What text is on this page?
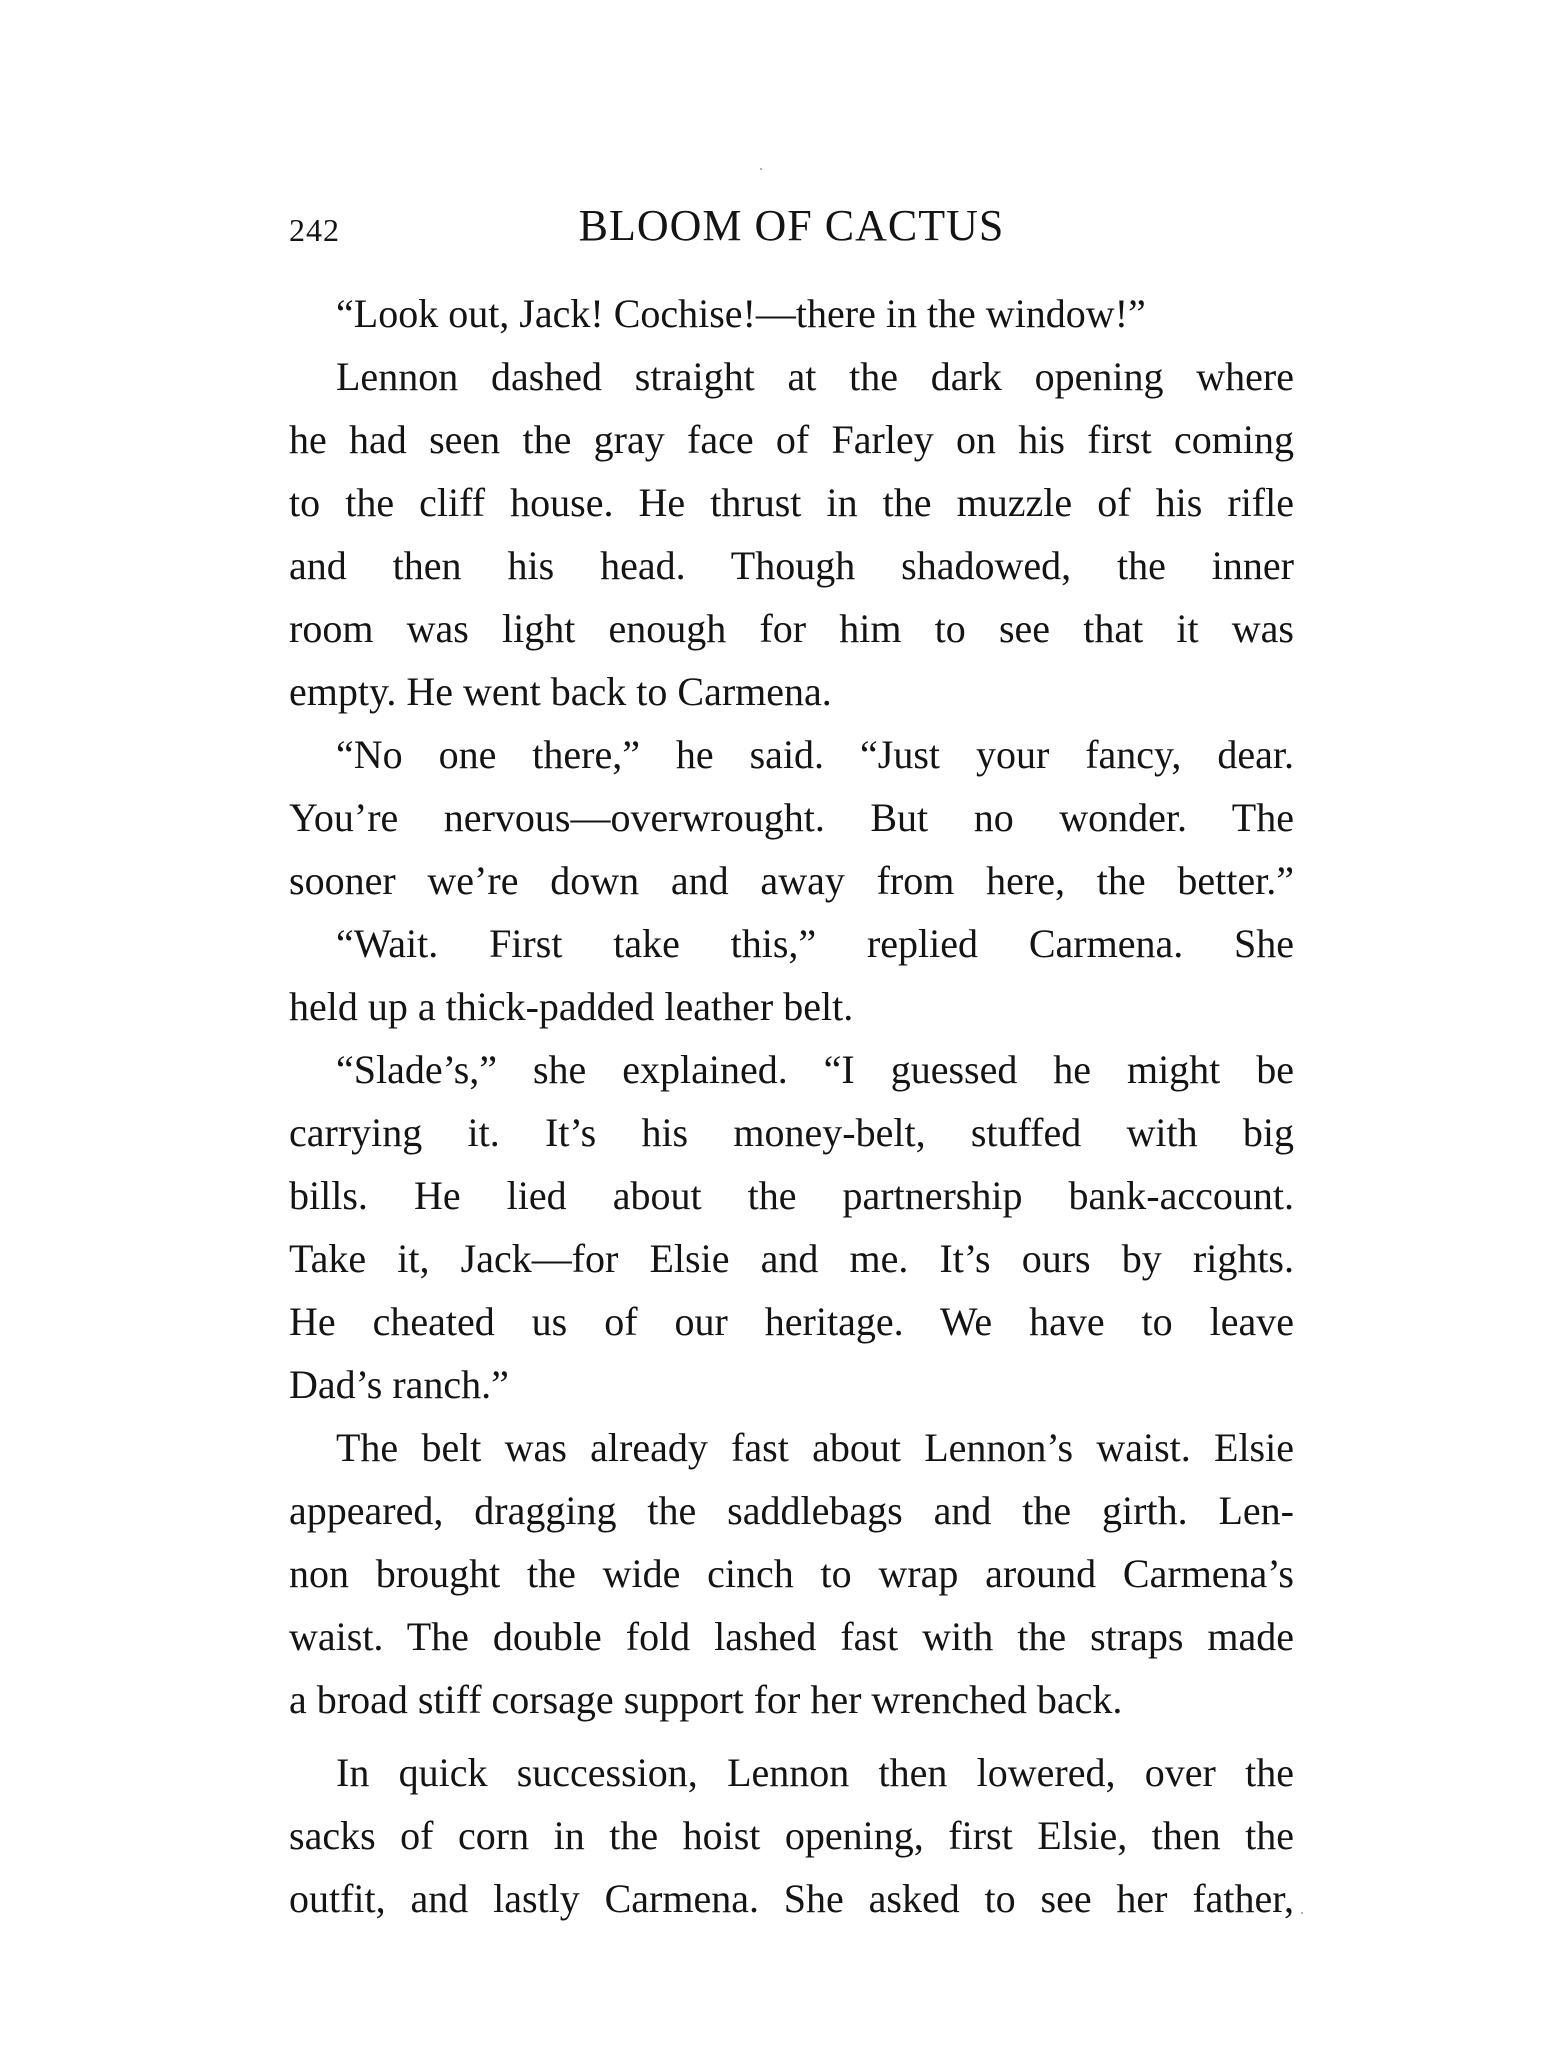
242	BLOOM OF CACTUS
“Look out, Jack! Cochise!—there in the window!”
Lennon dashed straight at the dark opening where
he had seen the gray face of Farley on his first coming
to the cliff house. He thrust in the muzzle of his rifle
and then his head. Though shadowed, the inner
room was light enough for him to see that it was
empty. He went back to Carmena.
“No one there,” he said. “Just your fancy, dear.
You’re nervous—overwrought. But no wonder. The
sooner we’re down and away from here, the better.”
“Wait. First take this,” replied Carmena. She
held up a thick-padded leather belt.
“Slade’s,” she explained. “I guessed he might be
carrying it. It’s his money-belt, stuffed with big
bills. He lied about the partnership bank-account.
Take it, Jack—for Elsie and me. It’s ours by rights.
He cheated us of our heritage. We have to leave
Dad’s ranch.”
The belt was already fast about Lennon’s waist. Elsie
appeared, dragging the saddlebags and the girth. Len-
non brought the wide cinch to wrap around Carmena’s
waist. The double fold lashed fast with the straps made
a broad stiff corsage support for her wrenched back.
In quick succession, Lennon then lowered, over the
sacks of corn in the hoist opening, first Elsie, then the
outfit, and lastly Carmena. She asked to see her father,
